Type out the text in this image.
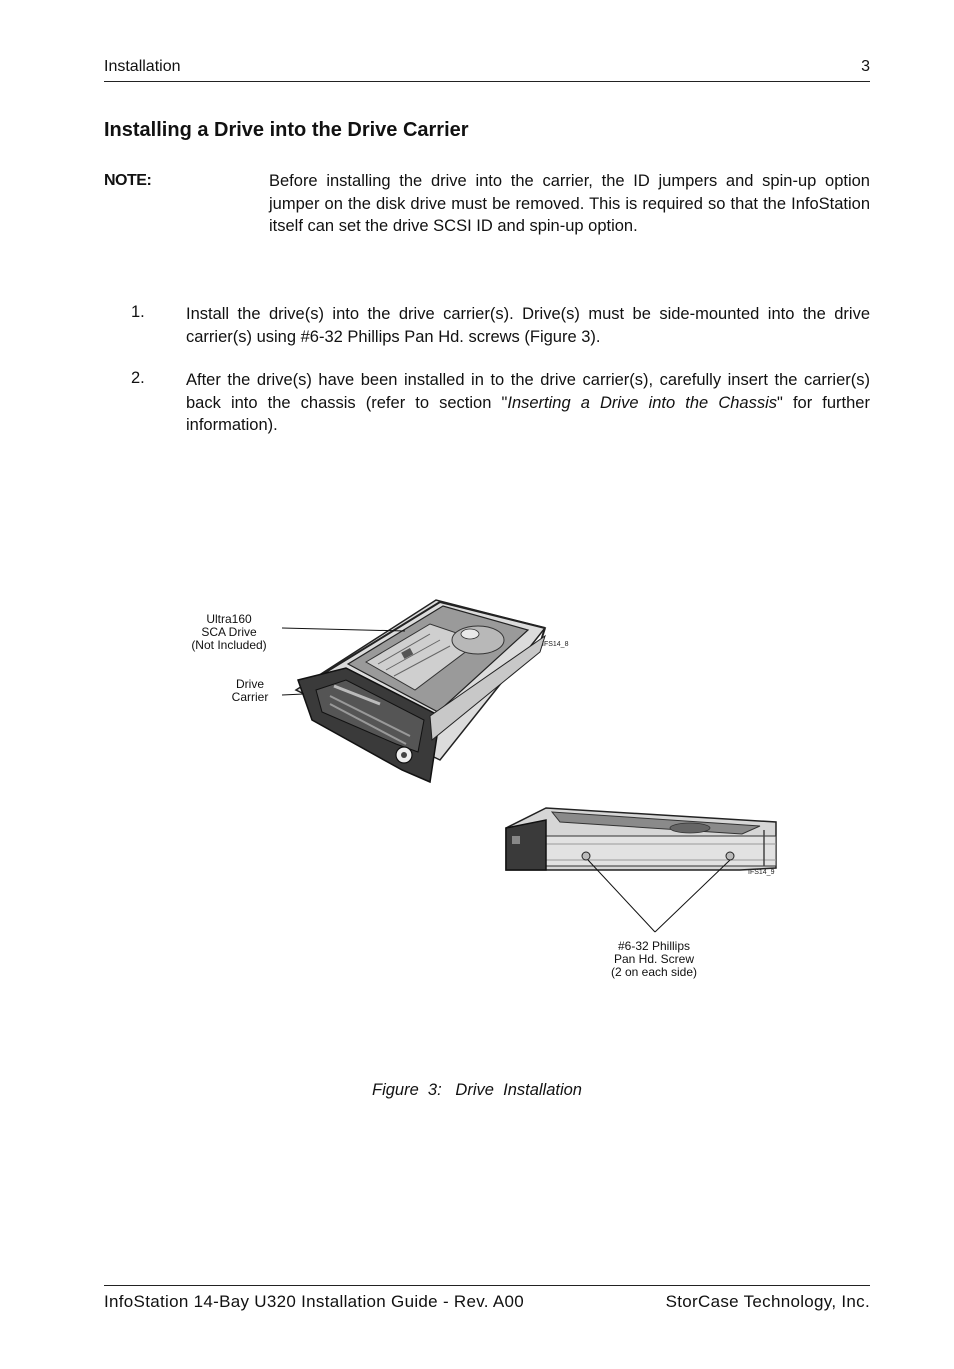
Installation	3
Installing a Drive into the Drive Carrier
NOTE:	Before installing the drive into the carrier, the ID jumpers and spin-up option jumper on the disk drive must be removed. This is required so that the InfoStation itself can set the drive SCSI ID and spin-up option.
1. Install the drive(s) into the drive carrier(s). Drive(s) must be side-mounted into the drive carrier(s) using #6-32 Phillips Pan Hd. screws (Figure 3).
2. After the drive(s) have been installed in to the drive carrier(s), carefully insert the carrier(s) back into the chassis (refer to section "Inserting a Drive into the Chassis" for further information).
Ultra160
SCA Drive
(Not Included)
Drive
Carrier
#6-32 Phillips
Pan Hd. Screw
(2 on each side)
IFS14_8
IFS14_9
Figure  3:   Drive  Installation
InfoStation 14-Bay U320 Installation Guide - Rev. A00	StorCase Technology, Inc.
